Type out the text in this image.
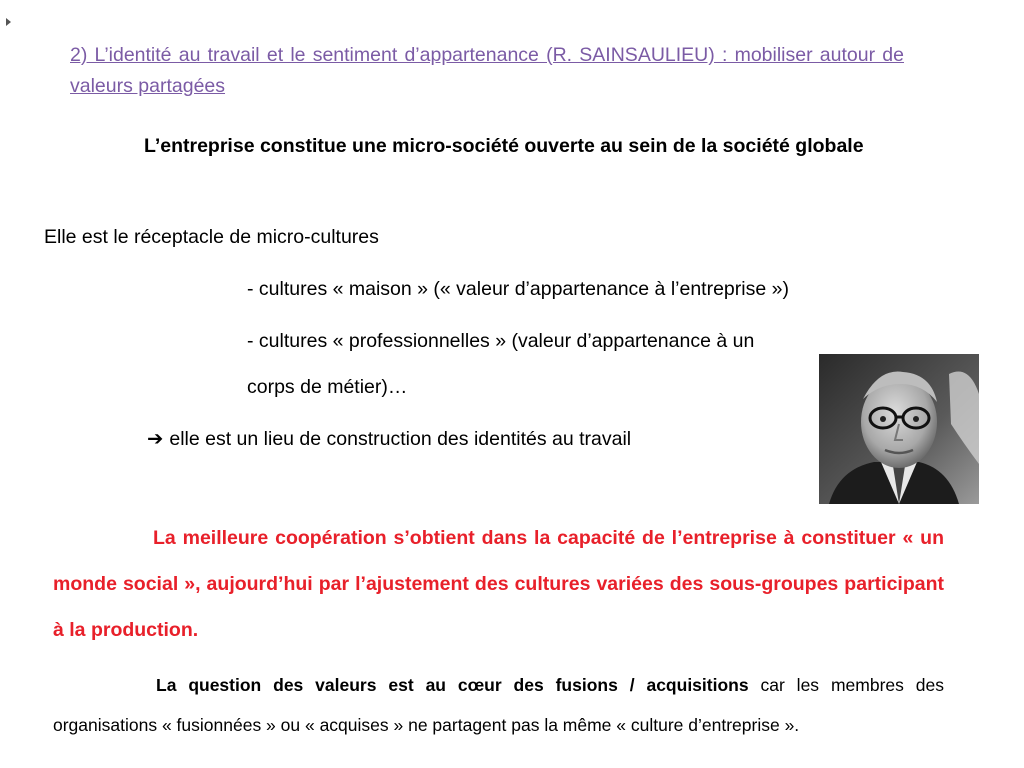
2) L’identité au travail et le sentiment d’appartenance (R. SAINSAULIEU) : mobiliser autour de valeurs partagées
L’entreprise constitue une micro-société ouverte au sein de la société globale
Elle est le réceptacle de micro-cultures
- cultures « maison » (« valeur d’appartenance à l’entreprise »)
- cultures « professionnelles » (valeur d’appartenance à un
corps de métier)…
➔ elle est un lieu de construction des identités au travail
La meilleure coopération s’obtient dans la capacité de l’entreprise à constituer « un monde social », aujourd’hui par l’ajustement des cultures variées des sous-groupes participant à la production.
La question des valeurs est au cœur des fusions / acquisitions car les membres des organisations « fusionnées » ou « acquises » ne partagent pas la même « culture d’entreprise ».
